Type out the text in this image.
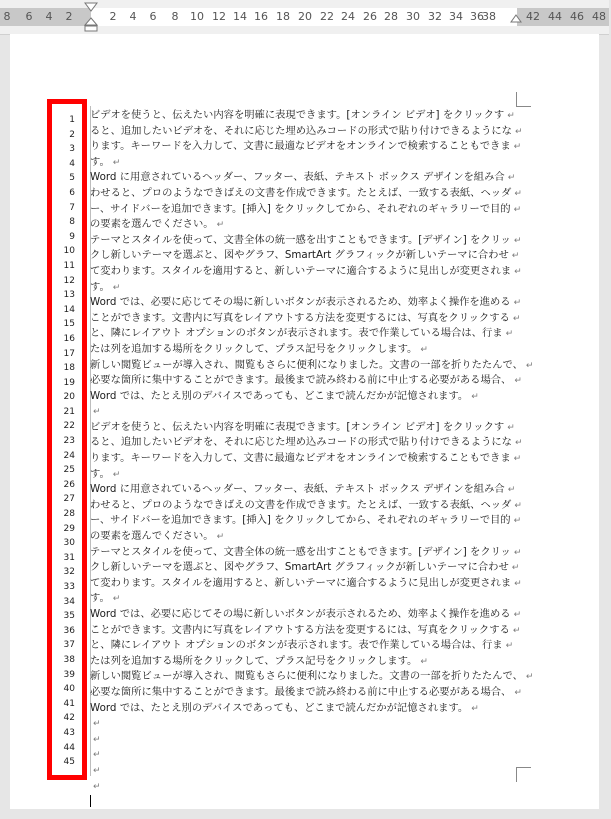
8	6	4	2	2	4	6	8	10 12 14 16 18 20 22 24 26 28 30 32 34 36
38	42 44 46 48
1
2
3
4
5
6
7
8
9
10
11
12
13
14
15
16
17
18
19
20
21
22
23
24
25
26
27
28
29
30
31
32
33
34
35
36
37
38
39
40
41
42
43
44
45

ビデオを使うと、伝えたい内容を明確に表現できます。[オンライン ビデオ] をクリックす ↵

ると、追加したいビデオを、それに応じた埋め込みコードの形式で貼り付けできるようにな ↵

ります。キーワードを入力して、文書に最適なビデオをオンラインで検索することもできま ↵

す。 ↵

Word に用意されているヘッダー、フッター、表紙、テキスト ボックス デザインを組み合 ↵

わせると、プロのようなできばえの文書を作成できます。たとえば、一致する表紙、ヘッダ ↵

ー、サイドバーを追加できます。[挿入] をクリックしてから、それぞれのギャラリーで目的 ↵

の要素を選んでください。 ↵

テーマとスタイルを使って、文書全体の統一感を出すこともできます。[デザイン] をクリッ ↵

クし新しいテーマを選ぶと、図やグラフ、SmartArt グラフィックが新しいテーマに合わせ ↵

て変わります。スタイルを適用すると、新しいテーマに適合するように見出しが変更されま ↵

す。 ↵

Word では、必要に応じてその場に新しいボタンが表示されるため、効率よく操作を進める ↵

ことができます。文書内に写真をレイアウトする方法を変更するには、写真をクリックする ↵

と、隣にレイアウト オプションのボタンが表示されます。表で作業している場合は、行ま ↵

たは列を追加する場所をクリックして、プラス記号をクリックします。 ↵

新しい閲覧ビューが導入され、閲覧もさらに便利になりました。文書の一部を折りたたんで、 ↵

必要な箇所に集中することができます。最後まで読み終わる前に中止する必要がある場合、 ↵

Word では、たとえ別のデバイスであっても、どこまで読んだかが記憶されます。 ↵

↵

ビデオを使うと、伝えたい内容を明確に表現できます。[オンライン ビデオ] をクリックす ↵

ると、追加したいビデオを、それに応じた埋め込みコードの形式で貼り付けできるようにな ↵

ります。キーワードを入力して、文書に最適なビデオをオンラインで検索することもできま ↵

す。 ↵

Word に用意されているヘッダー、フッター、表紙、テキスト ボックス デザインを組み合 ↵

わせると、プロのようなできばえの文書を作成できます。たとえば、一致する表紙、ヘッダ ↵

ー、サイドバーを追加できます。[挿入] をクリックしてから、それぞれのギャラリーで目的 ↵

の要素を選んでください。 ↵

テーマとスタイルを使って、文書全体の統一感を出すこともできます。[デザイン] をクリッ ↵

クし新しいテーマを選ぶと、図やグラフ、SmartArt グラフィックが新しいテーマに合わせ ↵

て変わります。スタイルを適用すると、新しいテーマに適合するように見出しが変更されま ↵

す。 ↵

Word では、必要に応じてその場に新しいボタンが表示されるため、効率よく操作を進める ↵

ことができます。文書内に写真をレイアウトする方法を変更するには、写真をクリックする ↵

と、隣にレイアウト オプションのボタンが表示されます。表で作業している場合は、行ま ↵

たは列を追加する場所をクリックして、プラス記号をクリックします。 ↵

新しい閲覧ビューが導入され、閲覧もさらに便利になりました。文書の一部を折りたたんで、 ↵

必要な箇所に集中することができます。最後まで読み終わる前に中止する必要がある場合、 ↵

Word では、たとえ別のデバイスであっても、どこまで読んだかが記憶されます。 ↵

↵

↵

↵

↵

↵
